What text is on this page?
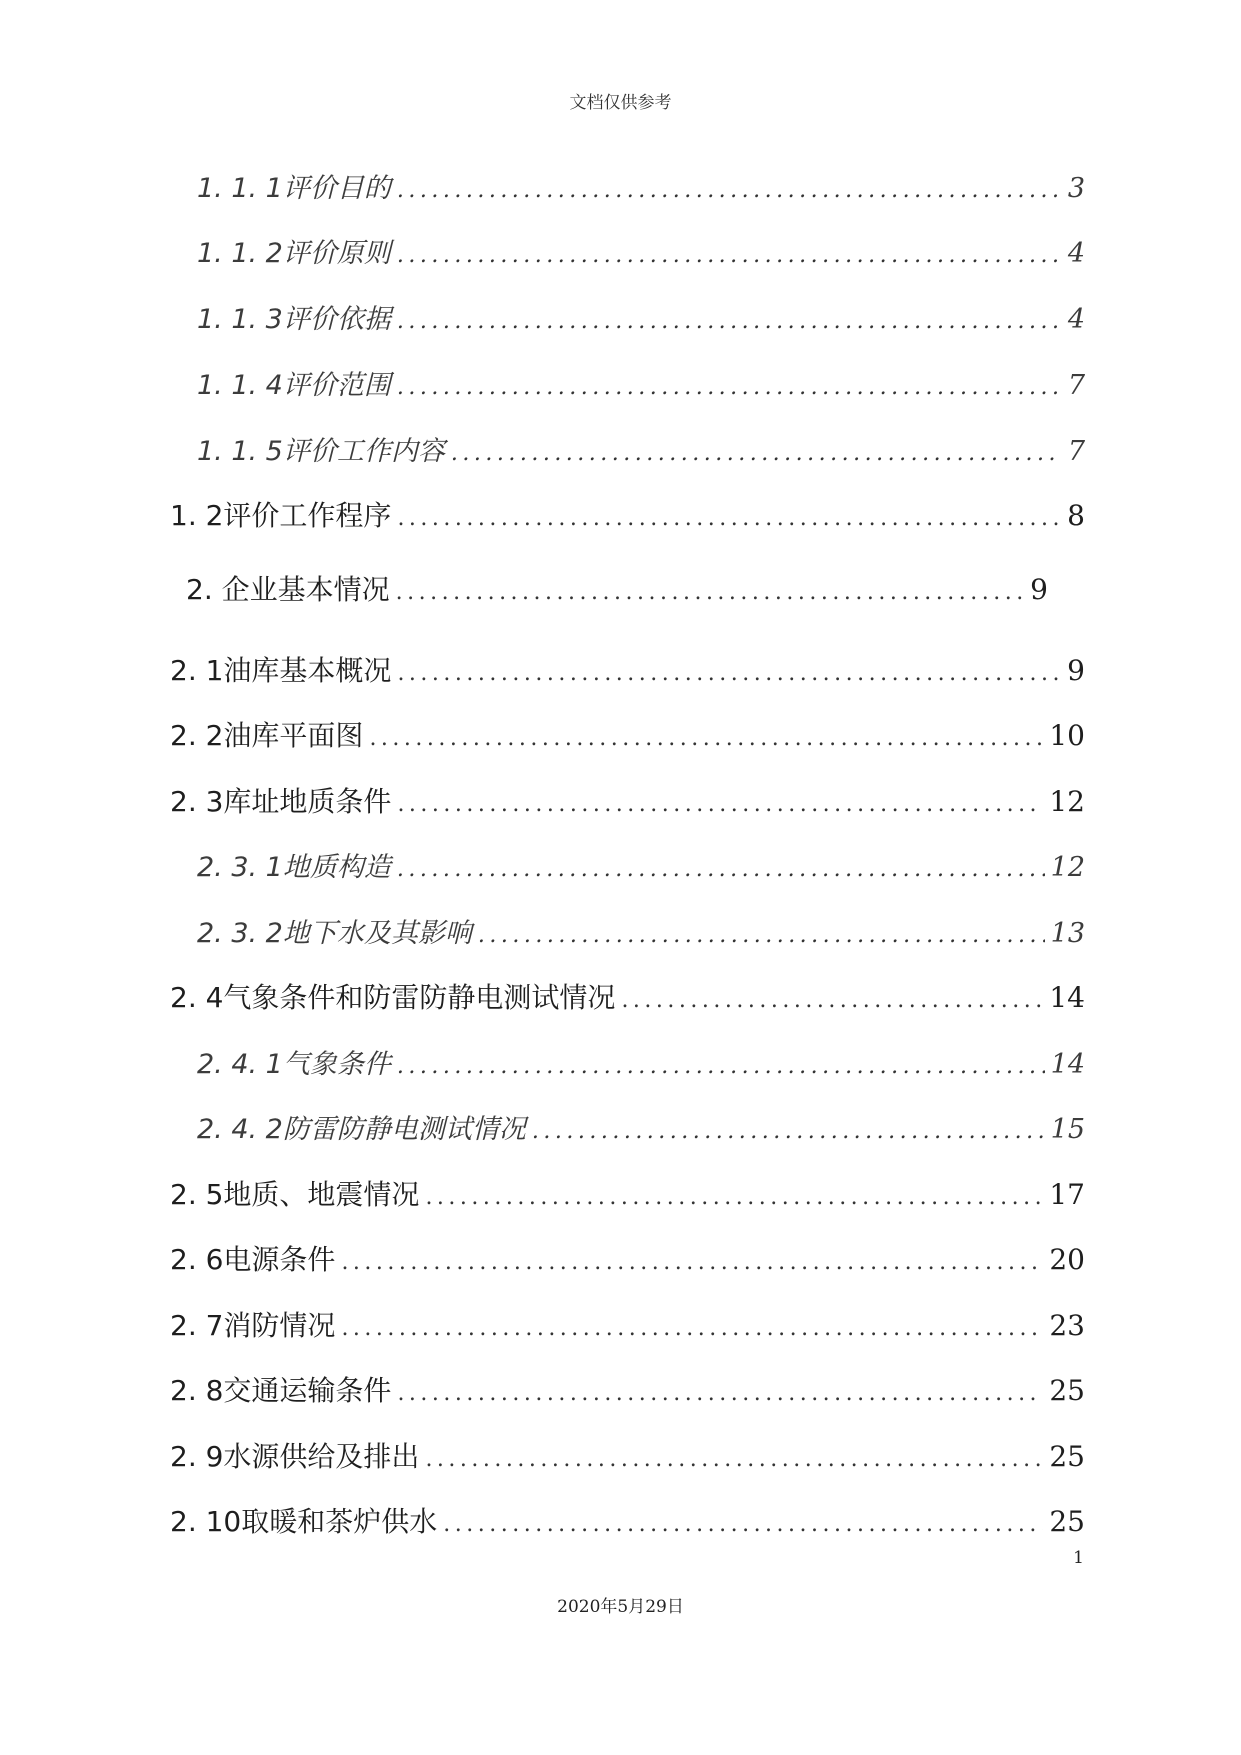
文档仅供参考
1. 1. 1评价目的 .....	3
1. 1. 2评价原则 .....	4
1. 1. 3评价依据 .....	4
1. 1. 4评价范围 .....	7
1. 1. 5评价工作内容 .....	7
1. 2评价工作程序 .....	8
2. 企业基本情况 .....	9
2. 1油库基本概况 .....	9
2. 2油库平面图 .....	10
2. 3库址地质条件 .....	12
2. 3. 1地质构造 .....	12
2. 3. 2地下水及其影响 .....	13
2. 4气象条件和防雷防静电测试情况 .....	14
2. 4. 1气象条件 .....	14
2. 4. 2防雷防静电测试情况 .....	15
2. 5地质、地震情况 .....	17
2. 6电源条件 .....	20
2. 7消防情况 .....	23
2. 8交通运输条件 .....	25
2. 9水源供给及排出 .....	25
2. 10取暖和茶炉供水 .....	25
1
2020年5月29日
